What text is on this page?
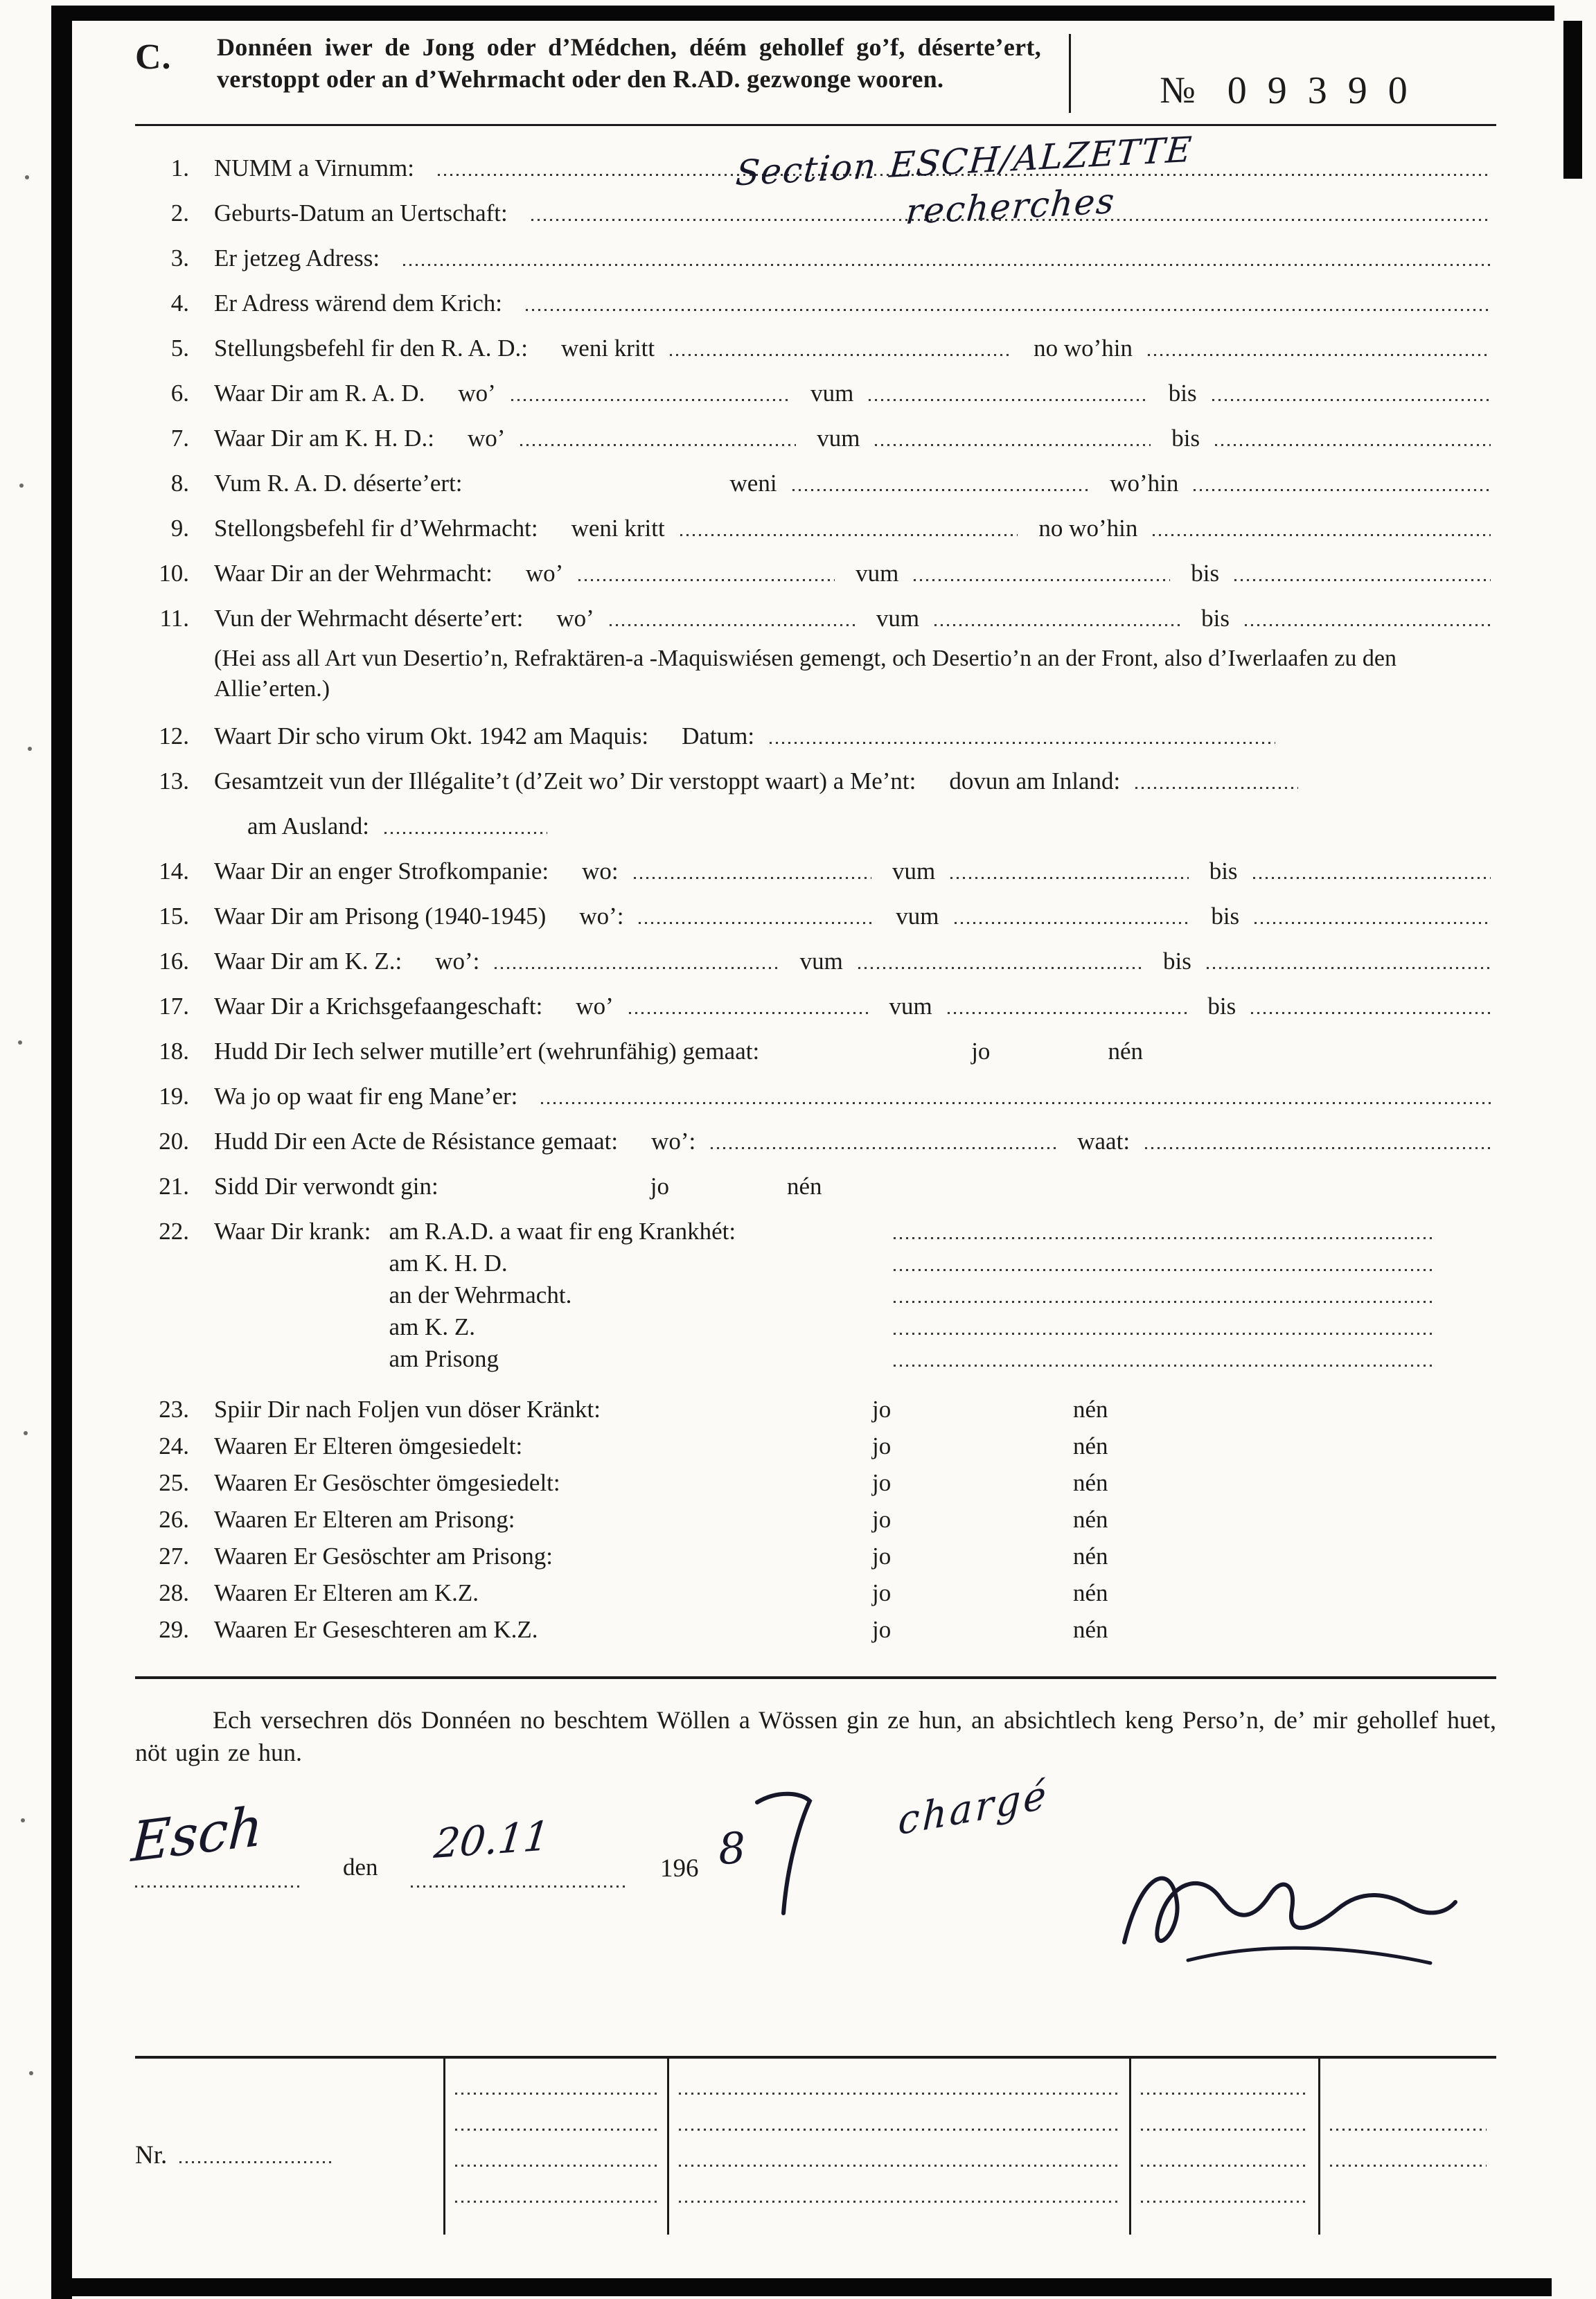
C.	Donnéen iwer de Jong oder d’Médchen, déém gehollef go’f, déserte’ert, verstoppt oder an d’Wehrmacht oder den R.AD. gezwonge wooren.	№ 09390
1. NUMM a Virnumm:	Section ESCH/ALZETTE
2. Geburts-Datum an Uertschaft:	recherches
3. Er jetzeg Adress:
4. Er Adress wärend dem Krich:
5. Stellungsbefehl fir den R. A. D.: weni kritt	no wo’hin
6. Waar Dir am R. A. D. wo’	vum	bis
7. Waar Dir am K. H. D.: wo’	vum	bis
8. Vum R. A. D. déserte’ert:	weni	wo’hin
9. Stellongsbefehl fir d’Wehrmacht: weni kritt	no wo’hin
10. Waar Dir an der Wehrmacht: wo’	vum	bis
11. Vun der Wehrmacht déserte’ert: wo’	vum	bis
(Hei ass all Art vun Desertio’n, Refraktären-a -Maquiswiésen gemengt, och Desertio’n an der Front, also d’Iwerlaafen zu den Allie’erten.)
12. Waart Dir scho virum Okt. 1942 am Maquis: Datum:
13. Gesamtzeit vun der Illégalite’t (d’Zeit wo’ Dir verstoppt waart) a Me’nt: dovun am Inland:

am Ausland:
14. Waar Dir an enger Strofkompanie: wo:	vum	bis
15. Waar Dir am Prisong (1940-1945) wo’:	vum	bis
16. Waar Dir am K. Z.: wo’:	vum	bis
17. Waar Dir a Krichsgefaangeschaft: wo’	vum	bis
18. Hudd Dir Iech selwer mutille’ert (wehrunfähig) gemaat:	jo	nén
19. Wa jo op waat fir eng Mane’er:
20. Hudd Dir een Acte de Résistance gemaat: wo’:	waat:
21. Sidd Dir verwondt gin:	jo	nén
22. Waar Dir krank: am R.A.D. a waat fir eng Krankhét:
am K. H. D.
an der Wehrmacht.
am K. Z.
am Prisong
23. Spiir Dir nach Foljen vun döser Kränkt:	jo	nén
24. Waaren Er Elteren ömgesiedelt:	jo	nén
25. Waaren Er Gesöschter ömgesiedelt:	jo	nén
26. Waaren Er Elteren am Prisong:	jo	nén
27. Waaren Er Gesöschter am Prisong:	jo	nén
28. Waaren Er Elteren am K.Z.	jo	nén
29. Waaren Er Geseschteren am K.Z.	jo	nén

Ech versechren dös Donnéen no beschtem Wöllen a Wössen gin ze hun, an absichtlech keng Perso’n, de’ mir gehollef huet, nöt ugin ze hun.

Esch	den 20.11
196 8
chargé
Nr.
